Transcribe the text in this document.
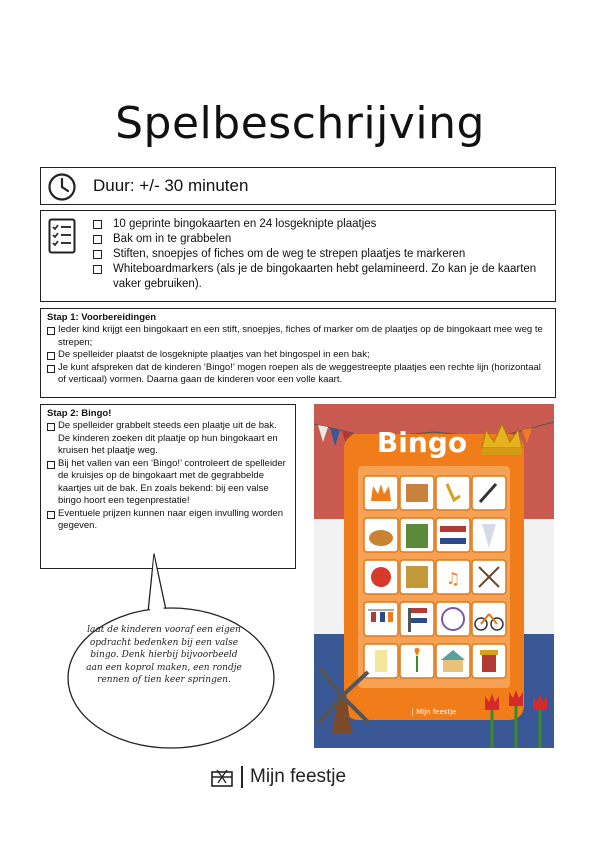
Spelbeschrijving
Duur: +/- 30 minuten
10 geprinte bingokaarten en 24 losgeknipte plaatjes
Bak om in te grabbelen
Stiften, snoepjes of fiches om de weg te strepen plaatjes te markeren
Whiteboardmarkers (als je de bingokaarten hebt gelamineerd. Zo kan je de kaarten vaker gebruiken).
Stap 1: Voorbereidingen
Ieder kind krijgt een bingokaart en een stift, snoepjes, fiches of marker om de plaatjes op de bingokaart mee weg te strepen;
De spelleider plaatst de losgeknipte plaatjes van het bingospel in een bak;
Je kunt afspreken dat de kinderen ‘Bingo!’ mogen roepen als de weggestreepte plaatjes een rechte lijn (horizontaal of verticaal) vormen. Daarna gaan de kinderen voor een volle kaart.
Stap 2: Bingo!
De spelleider grabbelt steeds een plaatje uit de bak. De kinderen zoeken dit plaatje op hun bingokaart en kruisen het plaatje weg.
Bij het vallen van een ‘Bingo!’ controleert de spelleider de kruisjes op de bingokaart met de gegrabbelde kaartjes uit de bak. En zoals bekend: bij een valse bingo hoort een tegenprestatie!
Eventuele prijzen kunnen naar eigen invulling worden gegeven.
laat de kinderen vooraf een eigen opdracht bedenken bij een valse bingo. Denk hierbij bijvoorbeeld aan een koprol maken, een rondje rennen of tien keer springen.
Bingo
♫
| Mijn feestje
Mijn feestje
